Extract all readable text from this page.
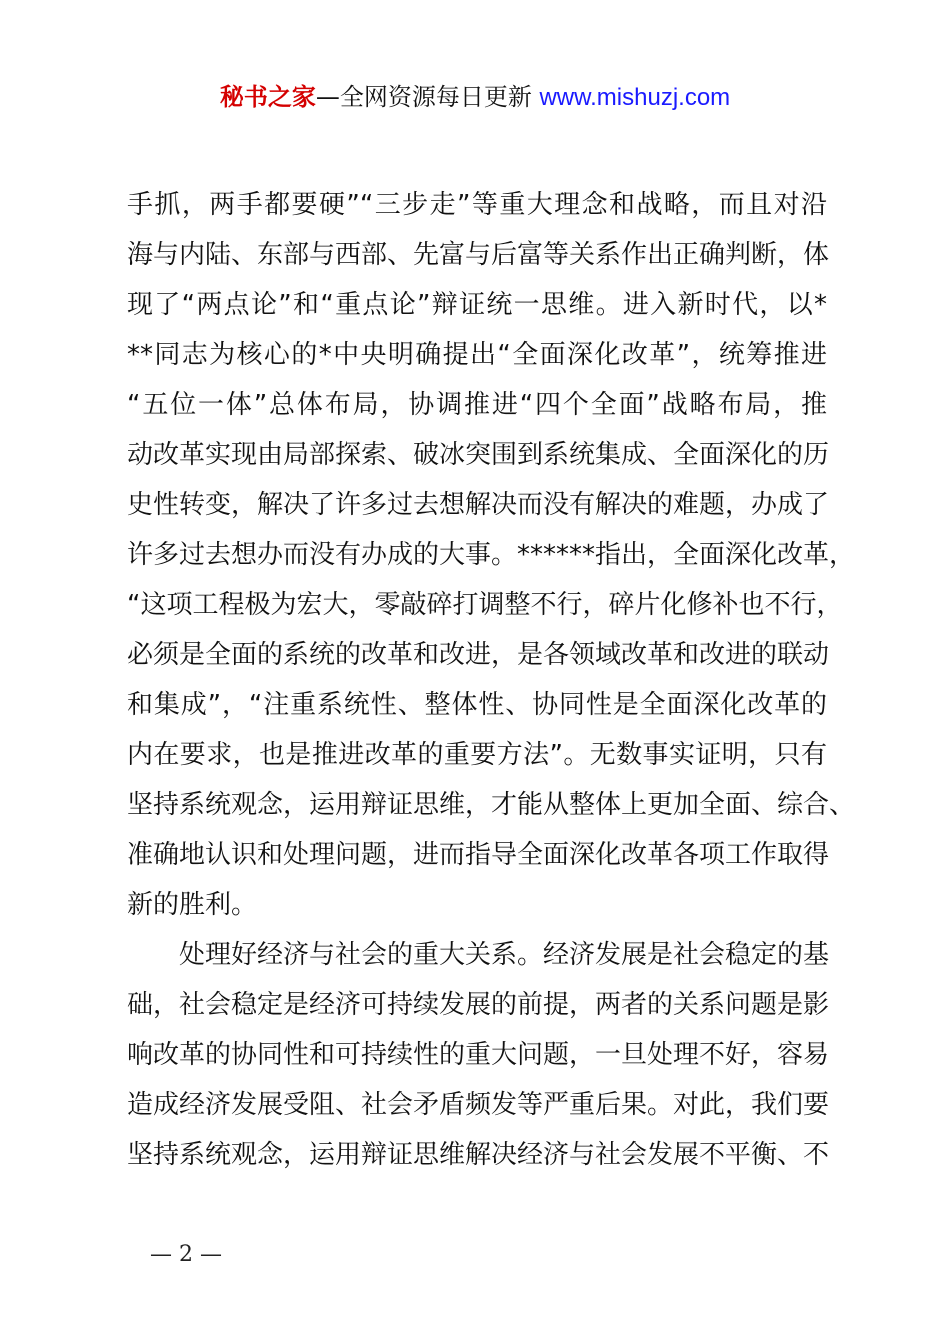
秘书之家—全网资源每日更新 www.mishuzj.com
手抓，两手都要硬”“三步走”等重大理念和战略，而且对沿
海与内陆、东部与西部、先富与后富等关系作出正确判断，体
现了“两点论”和“重点论”辩证统一思维。进入新时代，以*
**同志为核心的*中央明确提出“全面深化改革”，统筹推进
“五位一体”总体布局，协调推进“四个全面”战略布局，推
动改革实现由局部探索、破冰突围到系统集成、全面深化的历
史性转变，解决了许多过去想解决而没有解决的难题，办成了
许多过去想办而没有办成的大事。******指出，全面深化改革，
“这项工程极为宏大，零敲碎打调整不行，碎片化修补也不行，
必须是全面的系统的改革和改进，是各领域改革和改进的联动
和集成”，“注重系统性、整体性、协同性是全面深化改革的
内在要求，也是推进改革的重要方法”。无数事实证明，只有
坚持系统观念，运用辩证思维，才能从整体上更加全面、综合、
准确地认识和处理问题，进而指导全面深化改革各项工作取得
新的胜利。
处理好经济与社会的重大关系。经济发展是社会稳定的基
础，社会稳定是经济可持续发展的前提，两者的关系问题是影
响改革的协同性和可持续性的重大问题，一旦处理不好，容易
造成经济发展受阻、社会矛盾频发等严重后果。对此，我们要
坚持系统观念，运用辩证思维解决经济与社会发展不平衡、不
— 2 —
